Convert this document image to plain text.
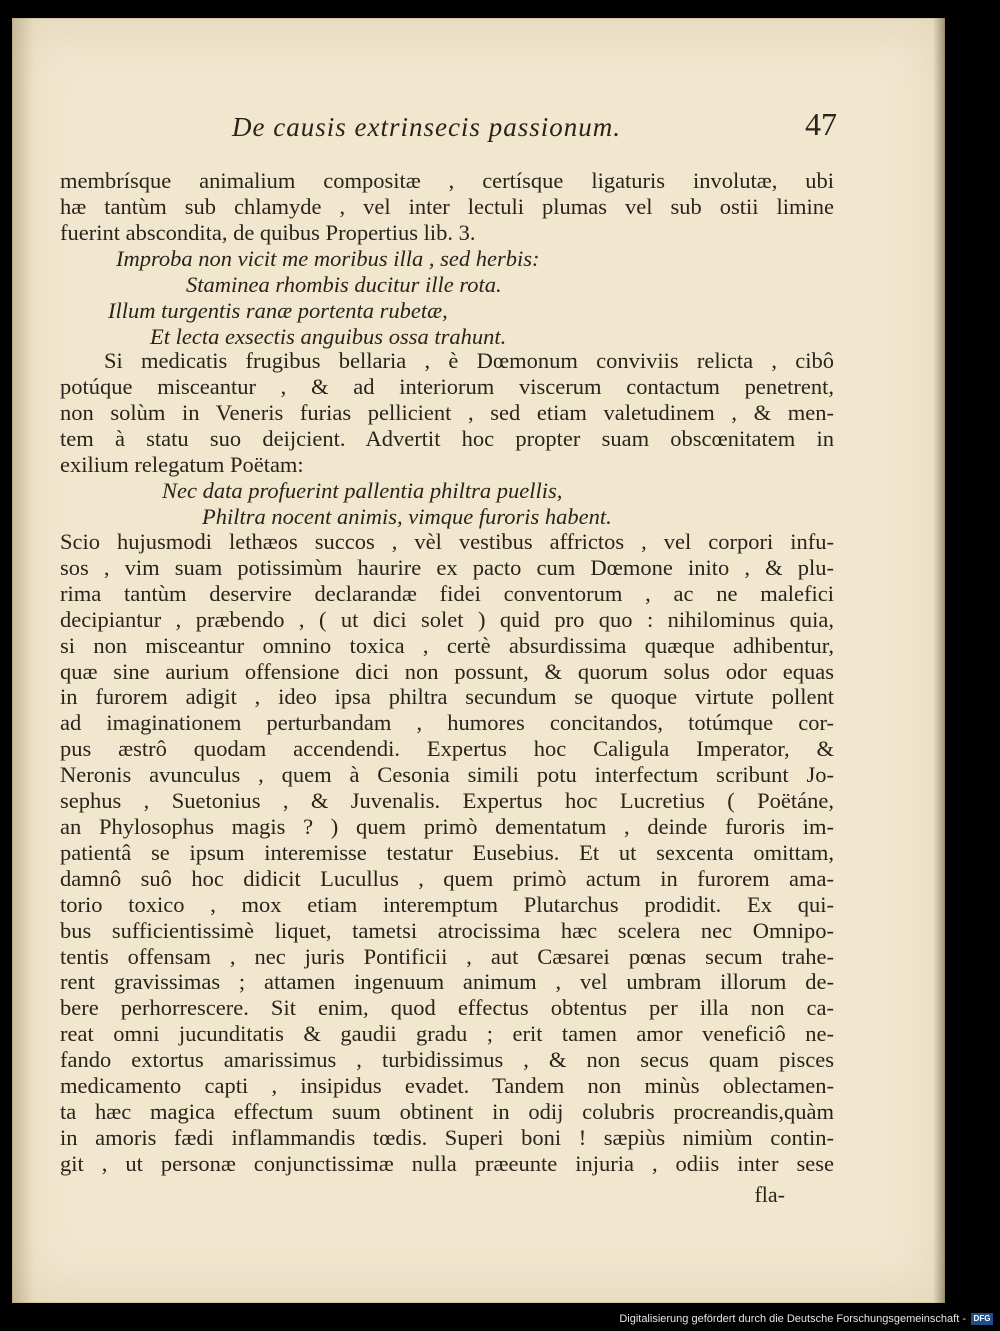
De causis extrinsecis passionum.	47
membrísque animalium compositæ , certísque ligaturis involutæ, ubi
hæ tantùm sub chlamyde , vel inter lectuli plumas vel sub ostii limine
fuerint abscondita, de quibus Propertius lib. 3.
Improba non vicit me moribus illa , sed herbis:
Staminea rhombis ducitur ille rota.
Illum turgentis ranæ portenta rubetæ,
Et lecta exsectis anguibus ossa trahunt.
Si medicatis frugibus bellaria , è Dœmonum conviviis relicta , cibô
potúque misceantur , & ad interiorum viscerum contactum penetrent,
non solùm in Veneris furias pellicient , sed etiam valetudinem , & men-
tem à statu suo deijcient. Advertit hoc propter suam obscœnitatem in
exilium relegatum Poëtam:
Nec data profuerint pallentia philtra puellis,
Philtra nocent animis, vimque furoris habent.
Scio hujusmodi lethæos succos , vèl vestibus affrictos , vel corpori infu-
sos , vim suam potissimùm haurire ex pacto cum Dœmone inito , & plu-
rima tantùm deservire declarandæ fidei conventorum , ac ne malefici
decipiantur , præbendo , ( ut dici solet ) quid pro quo : nihilominus quia,
si non misceantur omnino toxica , certè absurdissima quæque adhibentur,
quæ sine aurium offensione dici non possunt, & quorum solus odor equas
in furorem adigit , ideo ipsa philtra secundum se quoque virtute pollent
ad imaginationem perturbandam , humores concitandos, totúmque cor-
pus æstrô quodam accendendi. Expertus hoc Caligula Imperator, &
Neronis avunculus , quem à Cesonia simili potu interfectum scribunt Jo-
sephus , Suetonius , & Juvenalis. Expertus hoc Lucretius ( Poëtáne,
an Phylosophus magis ? ) quem primò dementatum , deinde furoris im-
patientâ se ipsum interemisse testatur Eusebius. Et ut sexcenta omittam,
damnô suô hoc didicit Lucullus , quem primò actum in furorem ama-
torio toxico , mox etiam interemptum Plutarchus prodidit. Ex qui-
bus sufficientissimè liquet, tametsi atrocissima hæc scelera nec Omnipo-
tentis offensam , nec juris Pontificii , aut Cæsarei pœnas secum trahe-
rent gravissimas ; attamen ingenuum animum , vel umbram illorum de-
bere perhorrescere. Sit enim, quod effectus obtentus per illa non ca-
reat omni jucunditatis & gaudii gradu ; erit tamen amor veneficiô ne-
fando extortus amarissimus , turbidissimus , & non secus quam pisces
medicamento capti , insipidus evadet. Tandem non minùs oblectamen-
ta hæc magica effectum suum obtinent in odij colubris procreandis,quàm
in amoris fædi inflammandis tœdis. Superi boni ! sæpiùs nimiùm contin-
git , ut personæ conjunctissimæ nulla præeunte injuria , odiis inter sese
fla-
Digitalisierung gefördert durch die Deutsche Forschungsgemeinschaft - DFG
